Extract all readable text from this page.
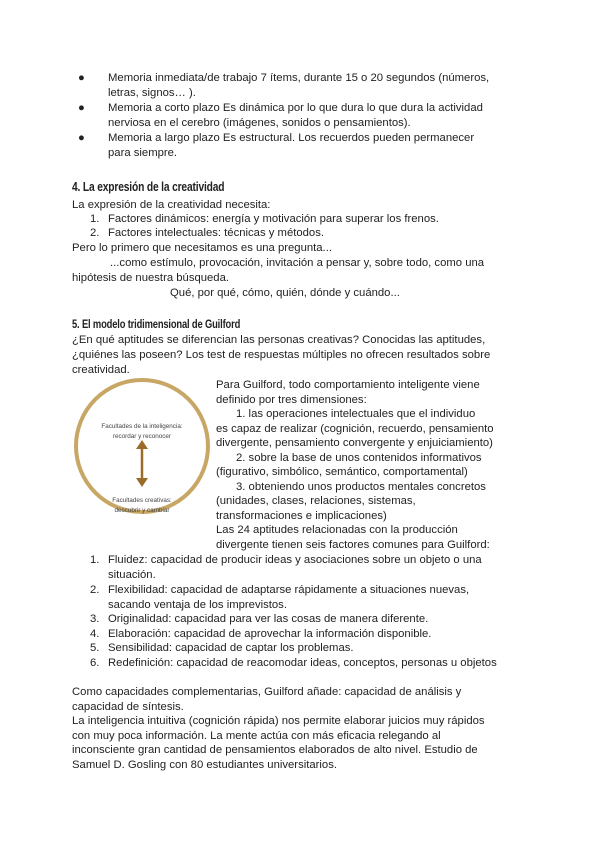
●	Memoria inmediata/de trabajo 7 ítems, durante 15 o 20 segundos (números,
letras, signos… ).
●	Memoria a corto plazo Es dinámica por lo que dura lo que dura la actividad
nerviosa en el cerebro (imágenes, sonidos o pensamientos).
●	Memoria a largo plazo Es estructural. Los recuerdos pueden permanecer
para siempre.
4. La expresión de la creatividad
La expresión de la creatividad necesita:
1. Factores dinámicos: energía y motivación para superar los frenos.
2. Factores intelectuales: técnicas y métodos.
Pero lo primero que necesitamos es una pregunta...
...como estímulo, provocación, invitación a pensar y, sobre todo, como una
hipótesis de nuestra búsqueda.
Qué, por qué, cómo, quién, dónde y cuándo...
5. El modelo tridimensional de Guilford
¿En qué aptitudes se diferencian las personas creativas? Conocidas las aptitudes,
¿quiénes las poseen? Los test de respuestas múltiples no ofrecen resultados sobre
creatividad.
Facultades de la inteligencia:
recordar y reconocer
Facultades creativas:
descubrir y cambiar
Para Guilford, todo comportamiento inteligente viene
definido por tres dimensiones:
1. las operaciones intelectuales que el individuo
es capaz de realizar (cognición, recuerdo, pensamiento
divergente, pensamiento convergente y enjuiciamiento)
2. sobre la base de unos contenidos informativos
(figurativo, simbólico, semántico, comportamental)
3. obteniendo unos productos mentales concretos
(unidades, clases, relaciones, sistemas,
transformaciones e implicaciones)
Las 24 aptitudes relacionadas con la producción
divergente tienen seis factores comunes para Guilford:
1. Fluidez: capacidad de producir ideas y asociaciones sobre un objeto o una
situación.
2. Flexibilidad: capacidad de adaptarse rápidamente a situaciones nuevas,
sacando ventaja de los imprevistos.
3. Originalidad: capacidad para ver las cosas de manera diferente.
4. Elaboración: capacidad de aprovechar la información disponible.
5. Sensibilidad: capacidad de captar los problemas.
6. Redefinición: capacidad de reacomodar ideas, conceptos, personas u objetos
Como capacidades complementarias, Guilford añade: capacidad de análisis y
capacidad de síntesis.
La inteligencia intuitiva (cognición rápida) nos permite elaborar juicios muy rápidos
con muy poca información. La mente actúa con más eficacia relegando al
inconsciente gran cantidad de pensamientos elaborados de alto nivel. Estudio de
Samuel D. Gosling con 80 estudiantes universitarios.
